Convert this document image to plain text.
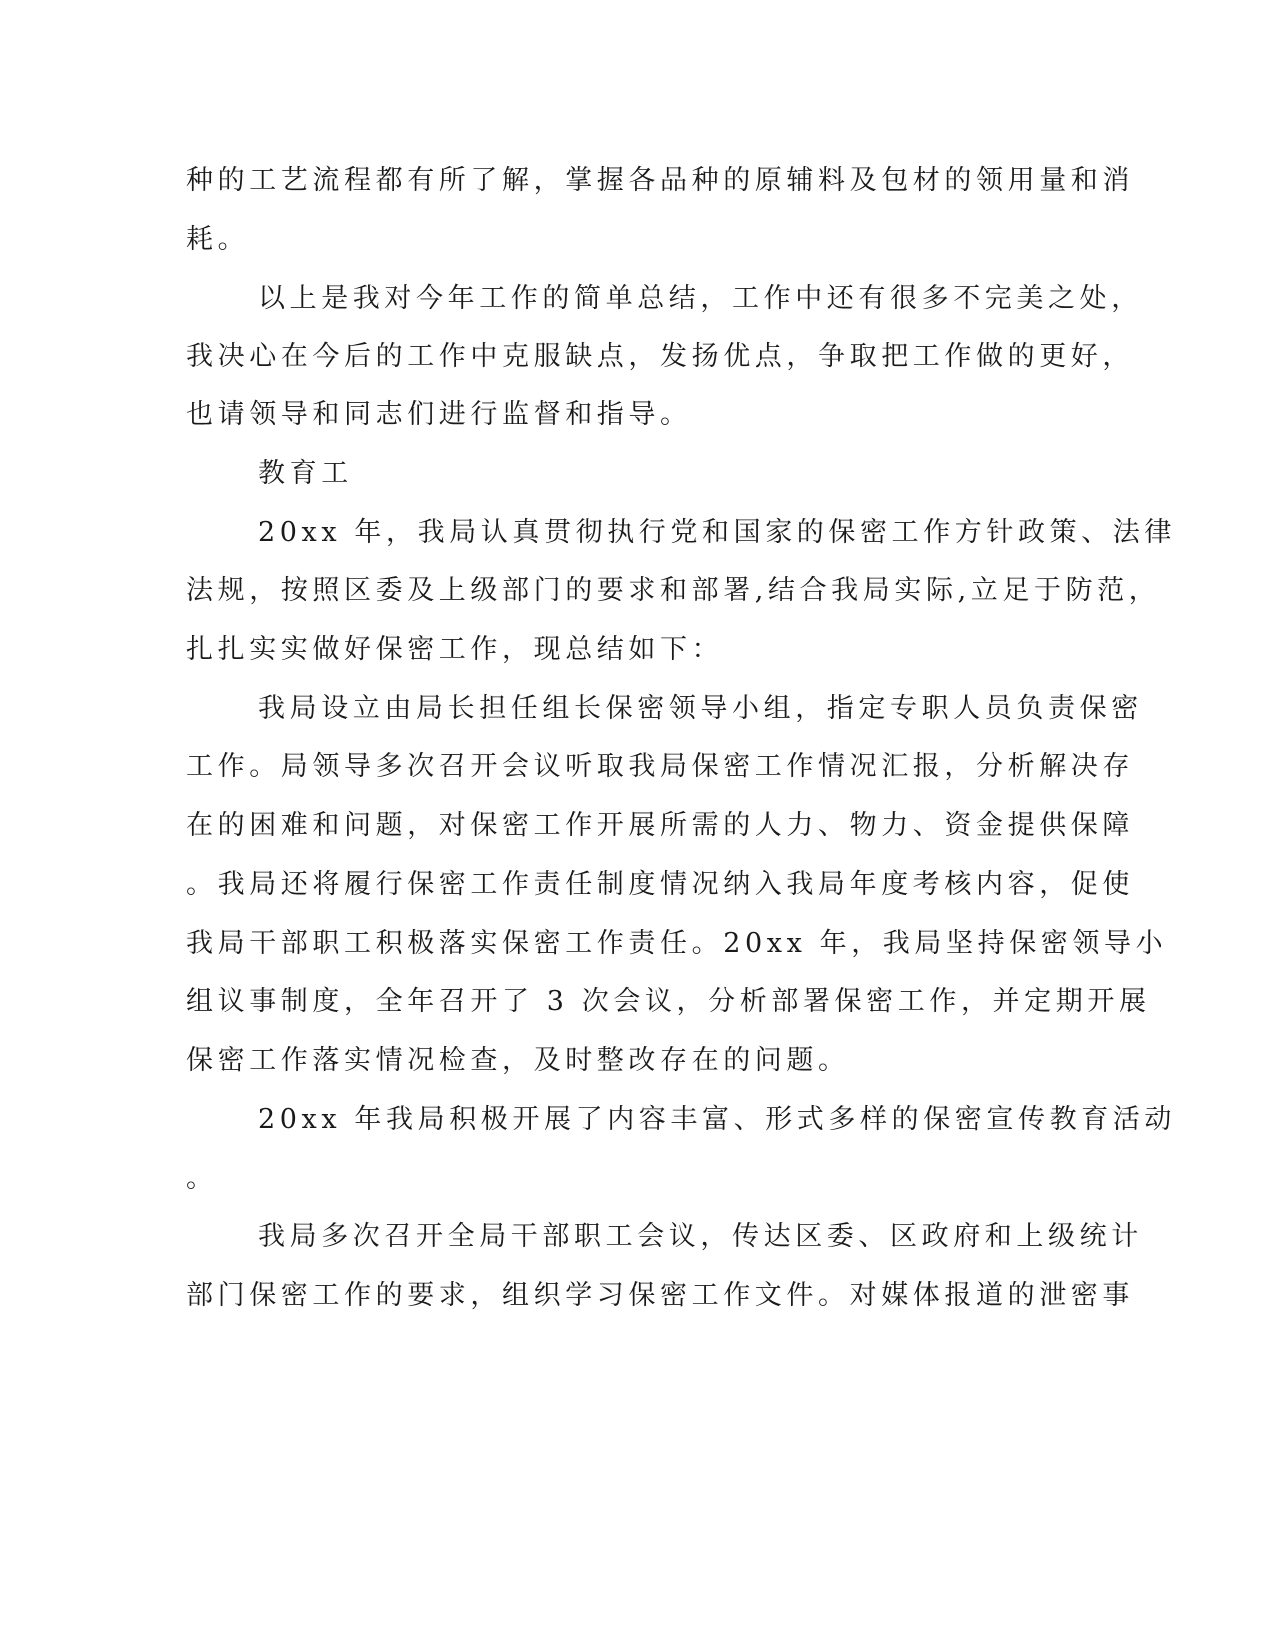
种的工艺流程都有所了解，掌握各品种的原辅料及包材的领用量和消
耗。
以上是我对今年工作的简单总结，工作中还有很多不完美之处，
我决心在今后的工作中克服缺点，发扬优点，争取把工作做的更好，
也请领导和同志们进行监督和指导。
教育工
20xx 年，我局认真贯彻执行党和国家的保密工作方针政策、法律
法规，按照区委及上级部门的要求和部署,结合我局实际,立足于防范，
扎扎实实做好保密工作，现总结如下：
我局设立由局长担任组长保密领导小组，指定专职人员负责保密
工作。局领导多次召开会议听取我局保密工作情况汇报，分析解决存
在的困难和问题，对保密工作开展所需的人力、物力、资金提供保障
。我局还将履行保密工作责任制度情况纳入我局年度考核内容，促使
我局干部职工积极落实保密工作责任。20xx 年，我局坚持保密领导小
组议事制度，全年召开了 3 次会议，分析部署保密工作，并定期开展
保密工作落实情况检查，及时整改存在的问题。
20xx 年我局积极开展了内容丰富、形式多样的保密宣传教育活动
。
我局多次召开全局干部职工会议，传达区委、区政府和上级统计
部门保密工作的要求，组织学习保密工作文件。对媒体报道的泄密事
